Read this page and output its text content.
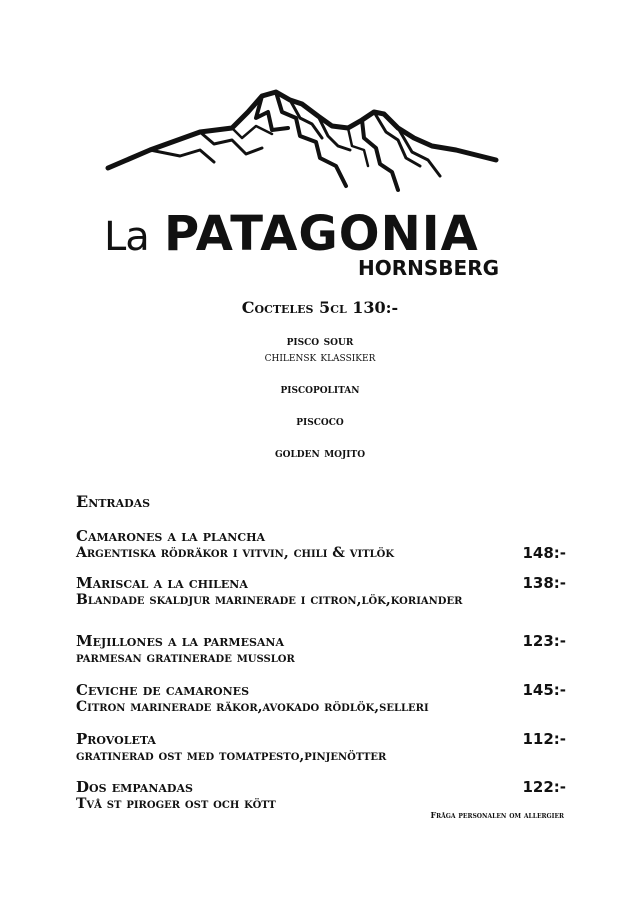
La PATAGONIA
HORNSBERG
Cocteles 5cl 130:-
pisco sour
chilensk klassiker
piscopolitan
piscoco
golden mojito
Entradas
Camarones a la plancha
Argentiska rödräkor i vitvin, chili & vitlök	148:-
Mariscal a la chilena
Blandade skaldjur marinerade i citron,lök,koriander
138:-
Mejillones a la parmesana
parmesan gratinerade musslor
123:-
Ceviche de camarones
Citron marinerade räkor,avokado rödlök,selleri
145:-
Provoleta
gratinerad ost med tomatpesto,pinjenötter
112:-
Dos empanadas
Två st piroger ost och kött
122:-
Fråga personalen om allergier
